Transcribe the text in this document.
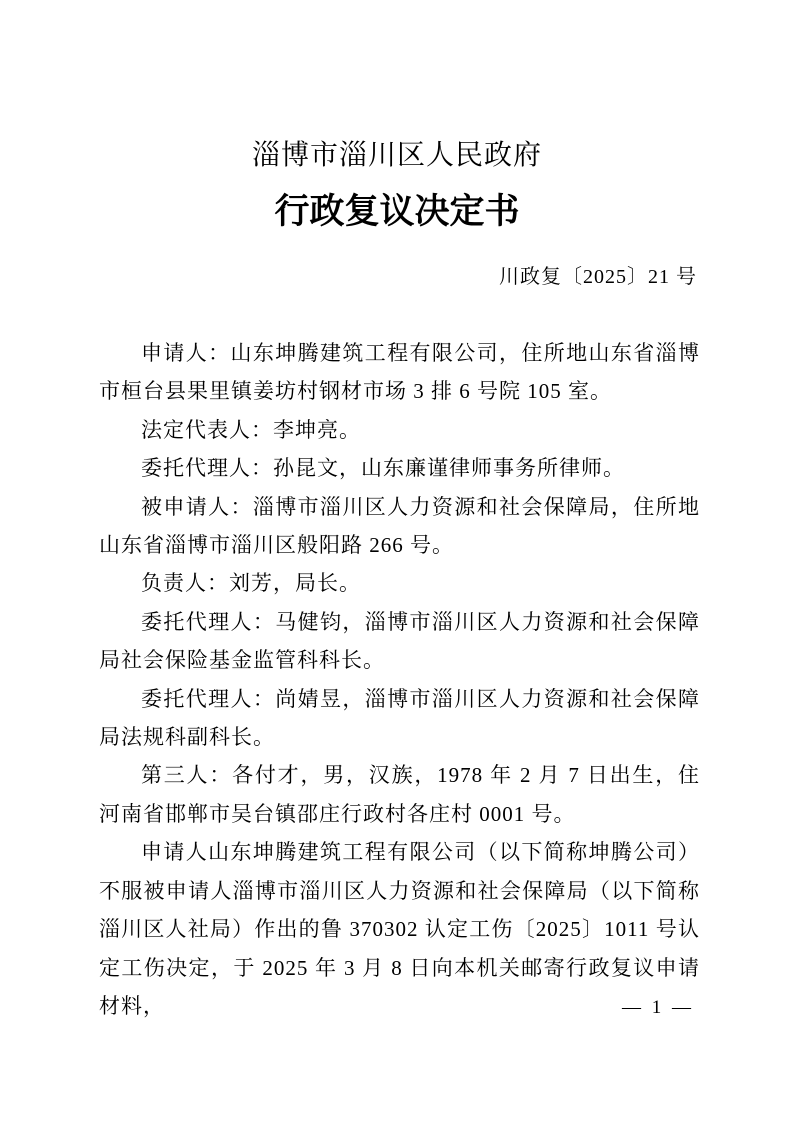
淄博市淄川区人民政府
行政复议决定书
川政复〔2025〕21 号

申请人：山东坤腾建筑工程有限公司，住所地山东省淄博市桓台县果里镇姜坊村钢材市场 3 排 6 号院 105 室。

法定代表人：李坤亮。

委托代理人：孙昆文，山东廉谨律师事务所律师。

被申请人：淄博市淄川区人力资源和社会保障局，住所地山东省淄博市淄川区般阳路 266 号。

负责人：刘芳，局长。

委托代理人：马健钧，淄博市淄川区人力资源和社会保障局社会保险基金监管科科长。

委托代理人：尚婧昱，淄博市淄川区人力资源和社会保障局法规科副科长。

第三人：各付才，男，汉族，1978 年 2 月 7 日出生，住河南省邯郸市吴台镇邵庄行政村各庄村 0001 号。

申请人山东坤腾建筑工程有限公司（以下简称坤腾公司）不服被申请人淄博市淄川区人力资源和社会保障局（以下简称淄川区人社局）作出的鲁 370302 认定工伤〔2025〕1011 号认定工伤决定，于 2025 年 3 月 8 日向本机关邮寄行政复议申请材料，	— 1 —
